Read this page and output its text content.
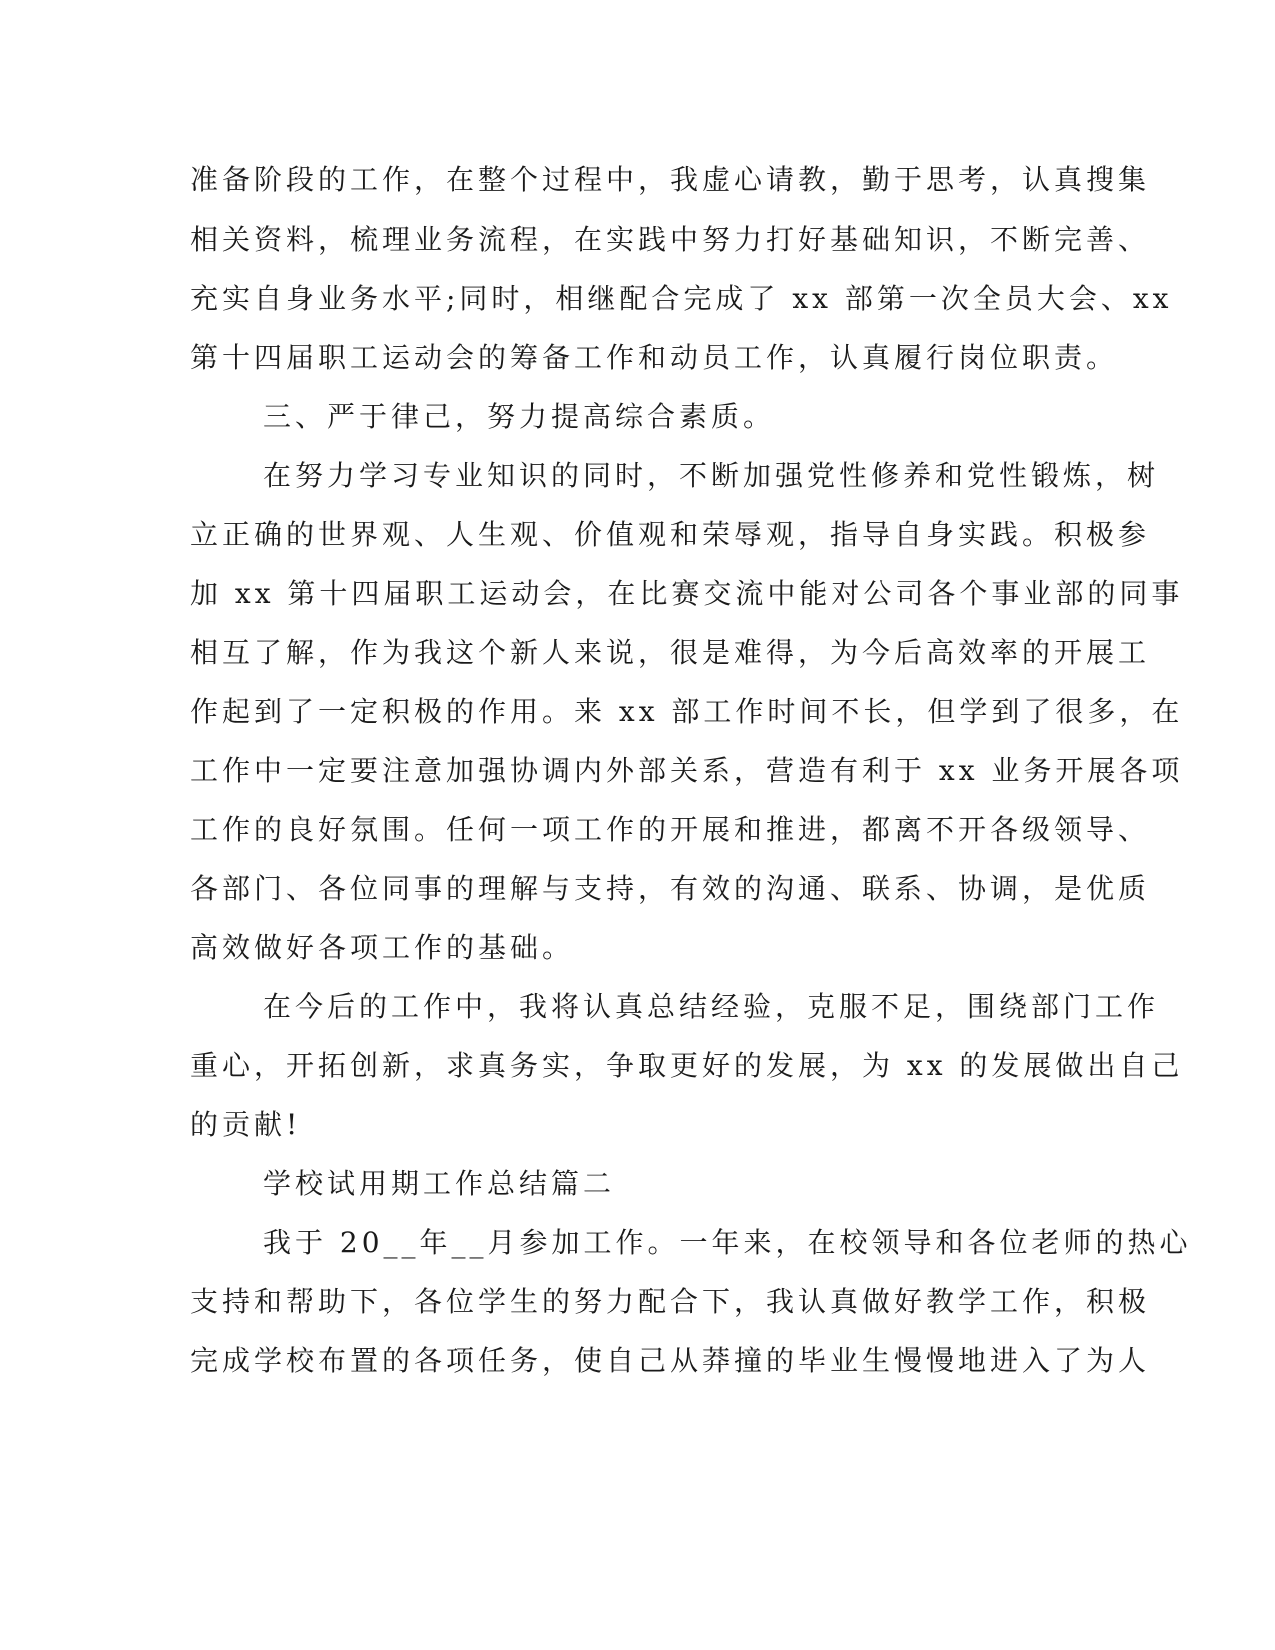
准备阶段的工作，在整个过程中，我虚心请教，勤于思考，认真搜集
相关资料，梳理业务流程，在实践中努力打好基础知识，不断完善、
充实自身业务水平;同时，相继配合完成了 xx 部第一次全员大会、xx
第十四届职工运动会的筹备工作和动员工作，认真履行岗位职责。
三、严于律己，努力提高综合素质。
在努力学习专业知识的同时，不断加强党性修养和党性锻炼，树
立正确的世界观、人生观、价值观和荣辱观，指导自身实践。积极参
加 xx 第十四届职工运动会，在比赛交流中能对公司各个事业部的同事
相互了解，作为我这个新人来说，很是难得，为今后高效率的开展工
作起到了一定积极的作用。来 xx 部工作时间不长，但学到了很多，在
工作中一定要注意加强协调内外部关系，营造有利于 xx 业务开展各项
工作的良好氛围。任何一项工作的开展和推进，都离不开各级领导、
各部门、各位同事的理解与支持，有效的沟通、联系、协调，是优质
高效做好各项工作的基础。
在今后的工作中，我将认真总结经验，克服不足，围绕部门工作
重心，开拓创新，求真务实，争取更好的发展，为 xx 的发展做出自己
的贡献!
学校试用期工作总结篇二
我于 20__年__月参加工作。一年来，在校领导和各位老师的热心
支持和帮助下，各位学生的努力配合下，我认真做好教学工作，积极
完成学校布置的各项任务，使自己从莽撞的毕业生慢慢地进入了为人
